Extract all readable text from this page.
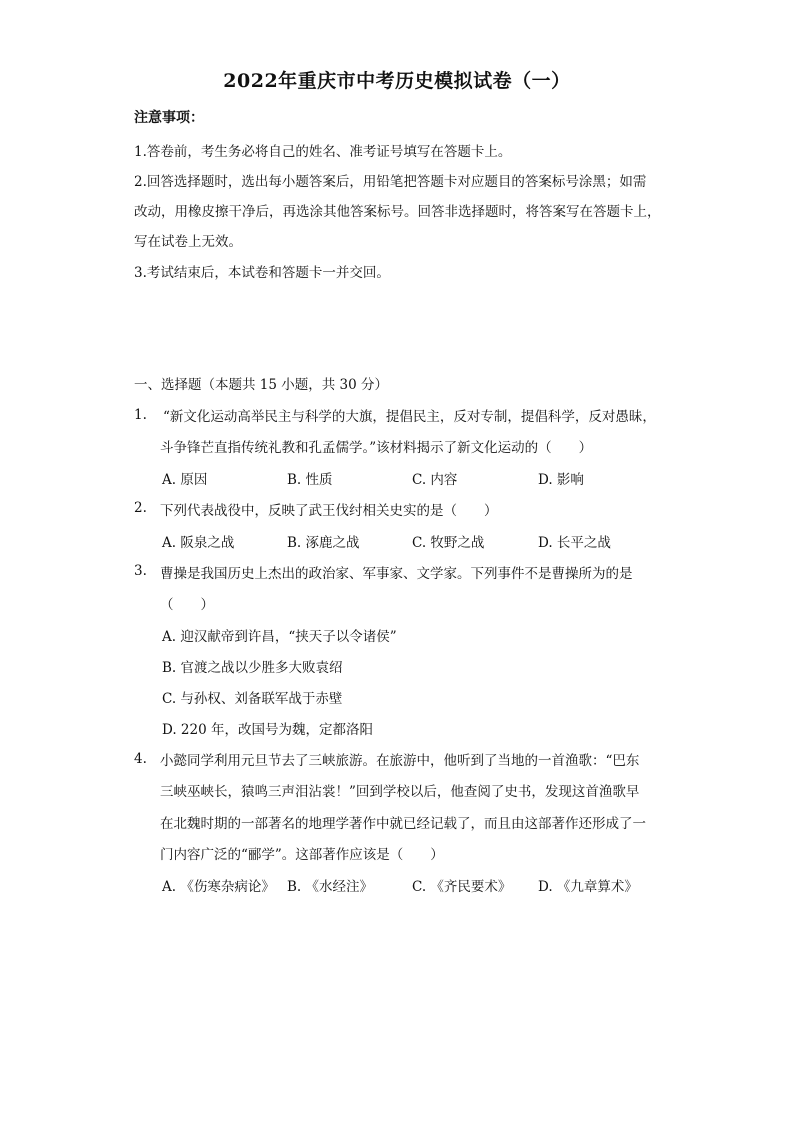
2022年重庆市中考历史模拟试卷（一）
注意事项：
1.答卷前，考生务必将自己的姓名、准考证号填写在答题卡上。
2.回答选择题时，选出每小题答案后，用铅笔把答题卡对应题目的答案标号涂黑；如需
改动，用橡皮擦干净后，再选涂其他答案标号。回答非选择题时，将答案写在答题卡上，
写在试卷上无效。
3.考试结束后，本试卷和答题卡一并交回。
一、选择题（本题共 15 小题，共 30 分）
1. “新文化运动高举民主与科学的大旗，提倡民主，反对专制，提倡科学，反对愚昧，
斗争锋芒直指传统礼教和孔孟儒学。”该材料揭示了新文化运动的（　　）
A. 原因	B. 性质	C. 内容	D. 影响
2. 下列代表战役中，反映了武王伐纣相关史实的是（　　）
A. 阪泉之战	B. 涿鹿之战	C. 牧野之战	D. 长平之战
3. 曹操是我国历史上杰出的政治家、军事家、文学家。下列事件不是曹操所为的是
（　　）
A. 迎汉献帝到许昌，“挟天子以令诸侯”
B. 官渡之战以少胜多大败袁绍
C. 与孙权、刘备联军战于赤壁
D. 220 年，改国号为魏，定都洛阳
4. 小懿同学利用元旦节去了三峡旅游。在旅游中，他听到了当地的一首渔歌：“巴东
三峡巫峡长，猿鸣三声泪沾裳！”回到学校以后，他查阅了史书，发现这首渔歌早
在北魏时期的一部著名的地理学著作中就已经记载了，而且由这部著作还形成了一
门内容广泛的“郦学”。这部著作应该是（　　）
A. 《伤寒杂病论》 B. 《水经注》	C. 《齐民要术》 D. 《九章算术》
